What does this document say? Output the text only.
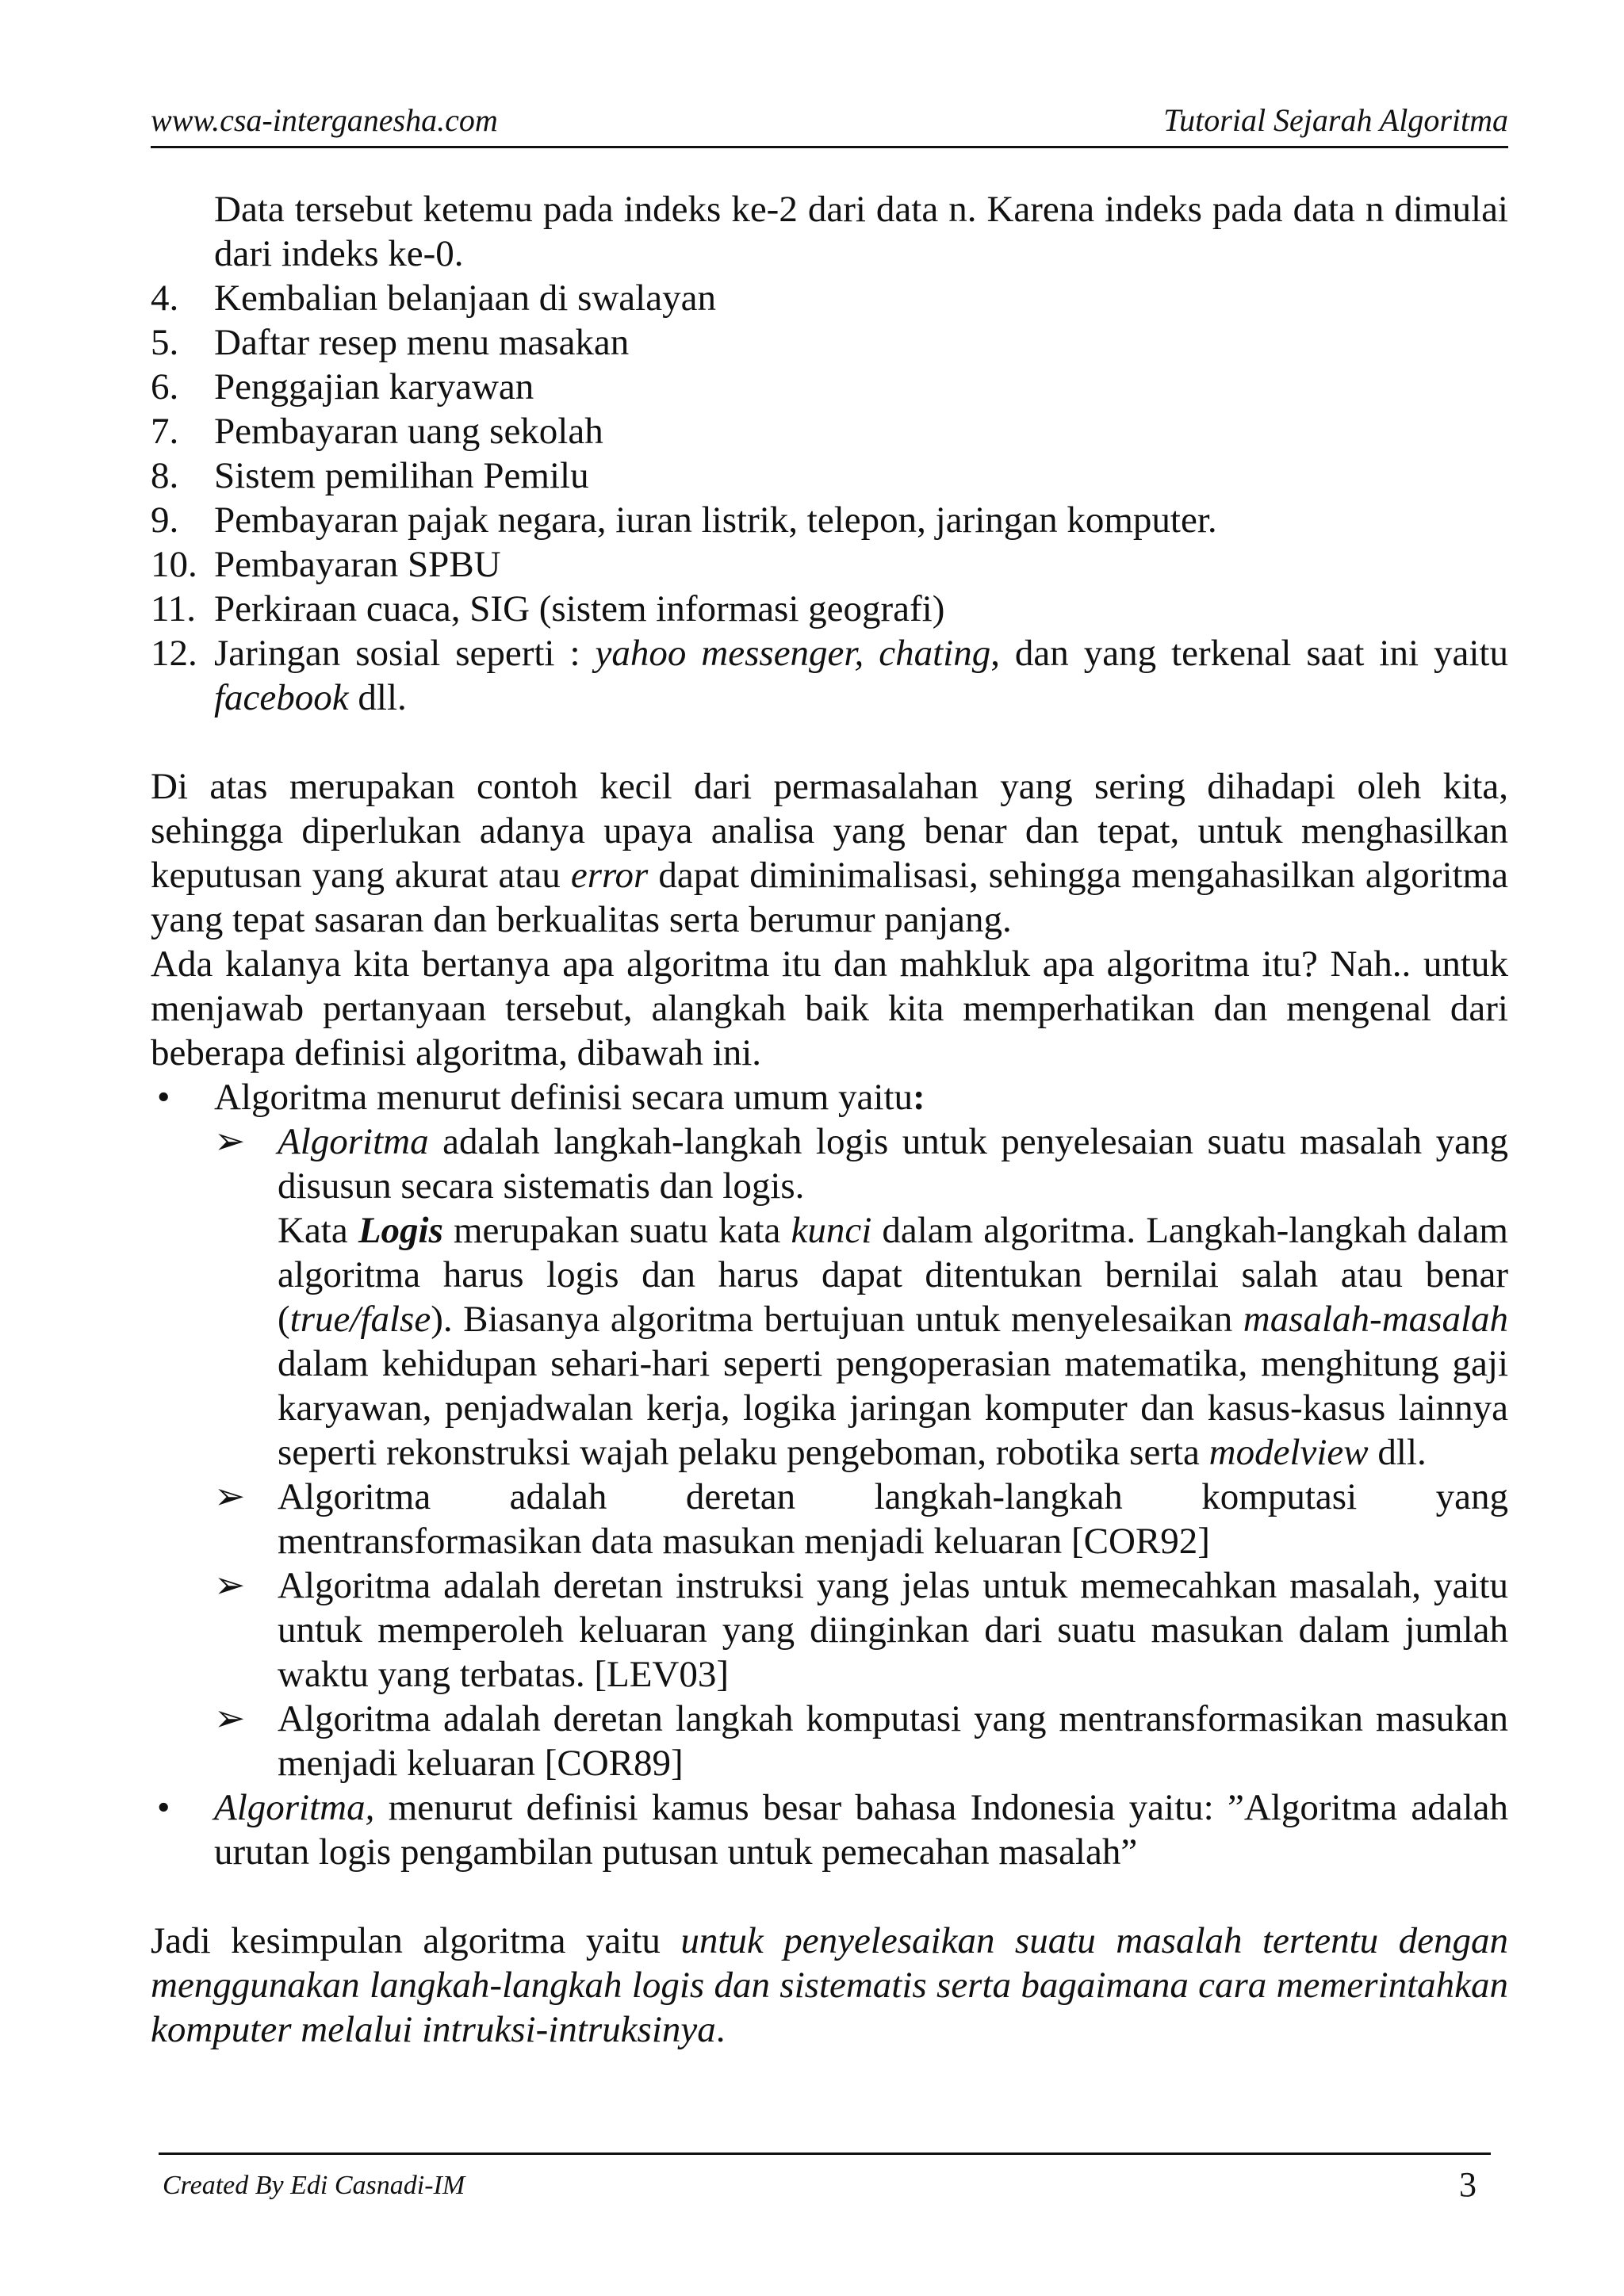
www.csa-interganesha.com	Tutorial Sejarah Algoritma

Data tersebut ketemu pada indeks ke-2 dari data n. Karena indeks pada data n dimulai dari indeks ke-0.

4. Kembalian belanjaan di swalayan
5. Daftar resep menu masakan
6. Penggajian karyawan
7. Pembayaran uang sekolah
8. Sistem pemilihan Pemilu
9. Pembayaran pajak negara, iuran listrik, telepon, jaringan komputer.
10. Pembayaran SPBU
11. Perkiraan cuaca, SIG (sistem informasi geografi)
12. Jaringan sosial seperti : yahoo messenger, chating, dan yang terkenal saat ini yaitu facebook dll.

Di atas merupakan contoh kecil dari permasalahan yang sering dihadapi oleh kita, sehingga diperlukan adanya upaya analisa yang benar dan tepat, untuk menghasilkan keputusan yang akurat atau error dapat diminimalisasi, sehingga mengahasilkan algoritma yang tepat sasaran dan berkualitas serta berumur panjang.

Ada kalanya kita bertanya apa algoritma itu dan mahkluk apa algoritma itu? Nah.. untuk menjawab pertanyaan tersebut, alangkah baik kita memperhatikan dan mengenal dari beberapa definisi algoritma, dibawah ini.

• Algoritma menurut definisi secara umum yaitu:
➢ Algoritma adalah langkah-langkah logis untuk penyelesaian suatu masalah yang disusun secara sistematis dan logis.
Kata Logis merupakan suatu kata kunci dalam algoritma. Langkah-langkah dalam algoritma harus logis dan harus dapat ditentukan bernilai salah atau benar (true/false). Biasanya algoritma bertujuan untuk menyelesaikan masalah-masalah dalam kehidupan sehari-hari seperti pengoperasian matematika, menghitung gaji karyawan, penjadwalan kerja, logika jaringan komputer dan kasus-kasus lainnya seperti rekonstruksi wajah pelaku pengeboman, robotika serta modelview dll.
➢ Algoritma adalah deretan langkah-langkah komputasi yang
mentransformasikan data masukan menjadi keluaran [COR92]
➢ Algoritma adalah deretan instruksi yang jelas untuk memecahkan masalah, yaitu untuk memperoleh keluaran yang diinginkan dari suatu masukan dalam jumlah waktu yang terbatas. [LEV03]
➢ Algoritma adalah deretan langkah komputasi yang mentransformasikan masukan menjadi keluaran [COR89]
• Algoritma, menurut definisi kamus besar bahasa Indonesia yaitu: ”Algoritma adalah urutan logis pengambilan putusan untuk pemecahan masalah”

Jadi kesimpulan algoritma yaitu untuk penyelesaikan suatu masalah tertentu dengan menggunakan langkah-langkah logis dan sistematis serta bagaimana cara memerintahkan komputer melalui intruksi-intruksinya.

Created By Edi Casnadi-IM	3
